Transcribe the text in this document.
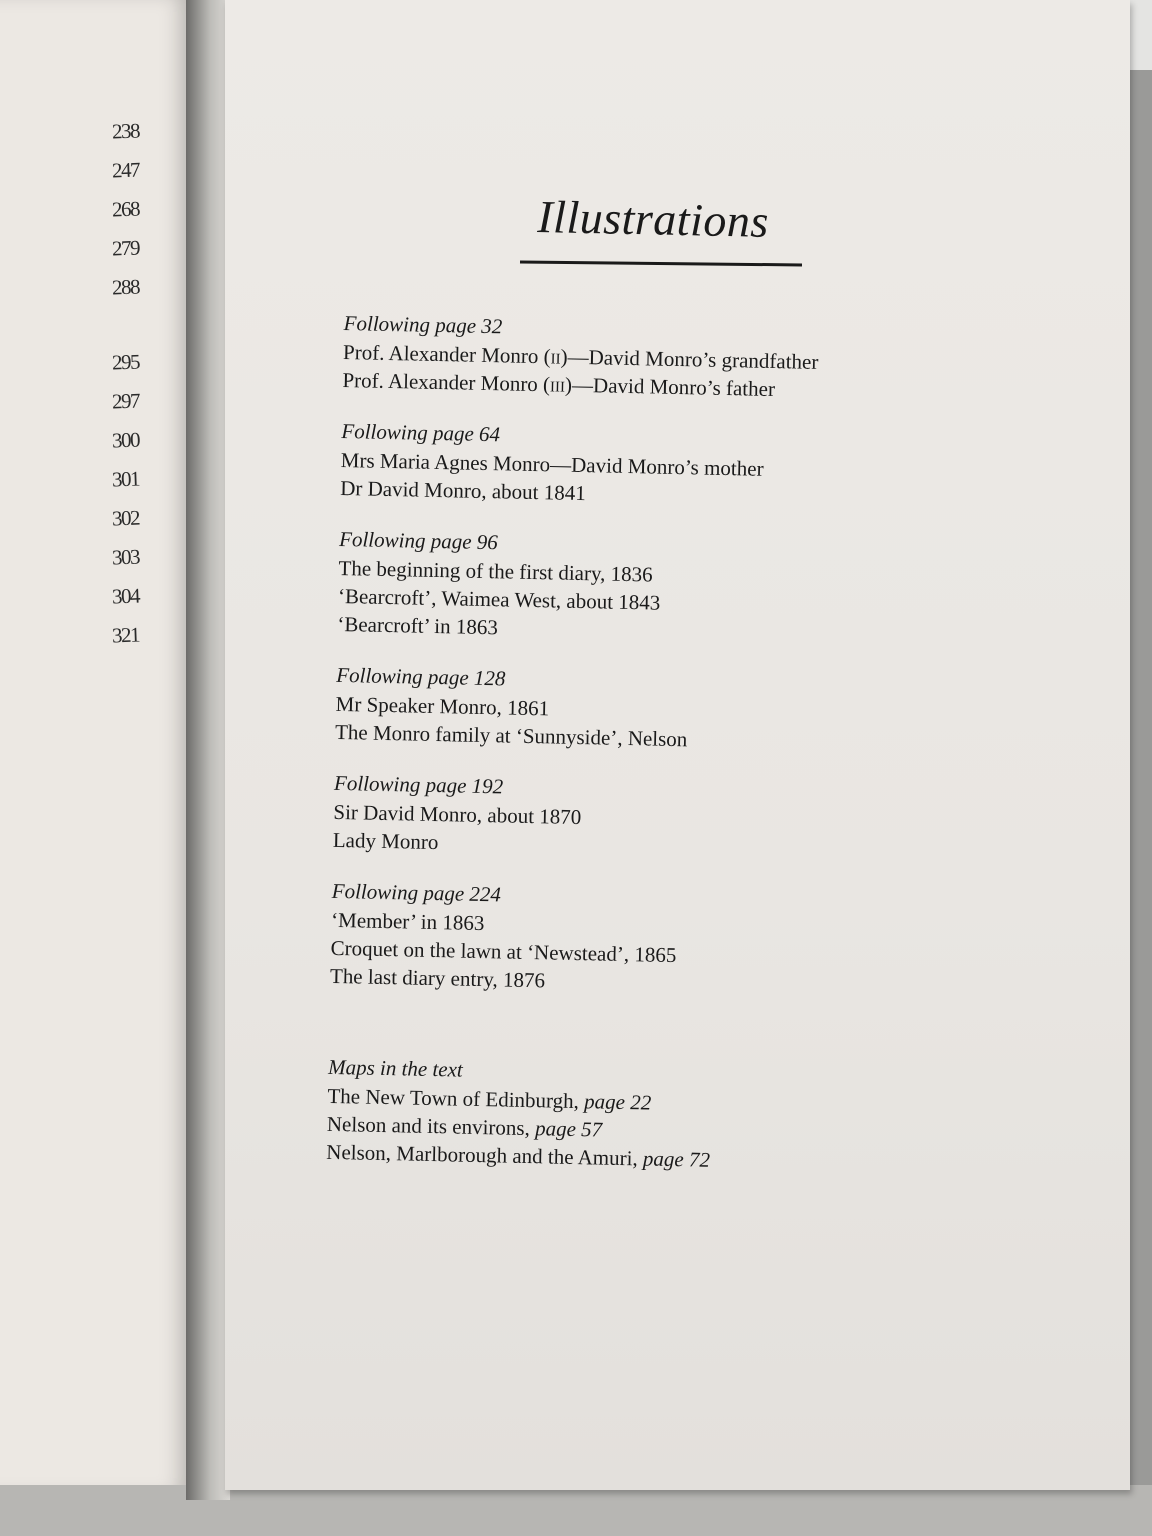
238
247
268
279
288
295
297
300
301
302
303
304
321
Illustrations
Following page 32
Prof. Alexander Monro (ii)—David Monro’s grandfather
Prof. Alexander Monro (iii)—David Monro’s father
Following page 64
Mrs Maria Agnes Monro—David Monro’s mother
Dr David Monro, about 1841
Following page 96
The beginning of the first diary, 1836
‘Bearcroft’, Waimea West, about 1843
‘Bearcroft’ in 1863
Following page 128
Mr Speaker Monro, 1861
The Monro family at ‘Sunnyside’, Nelson
Following page 192
Sir David Monro, about 1870
Lady Monro
Following page 224
‘Member’ in 1863
Croquet on the lawn at ‘Newstead’, 1865
The last diary entry, 1876
Maps in the text
The New Town of Edinburgh, page 22
Nelson and its environs, page 57
Nelson, Marlborough and the Amuri, page 72
